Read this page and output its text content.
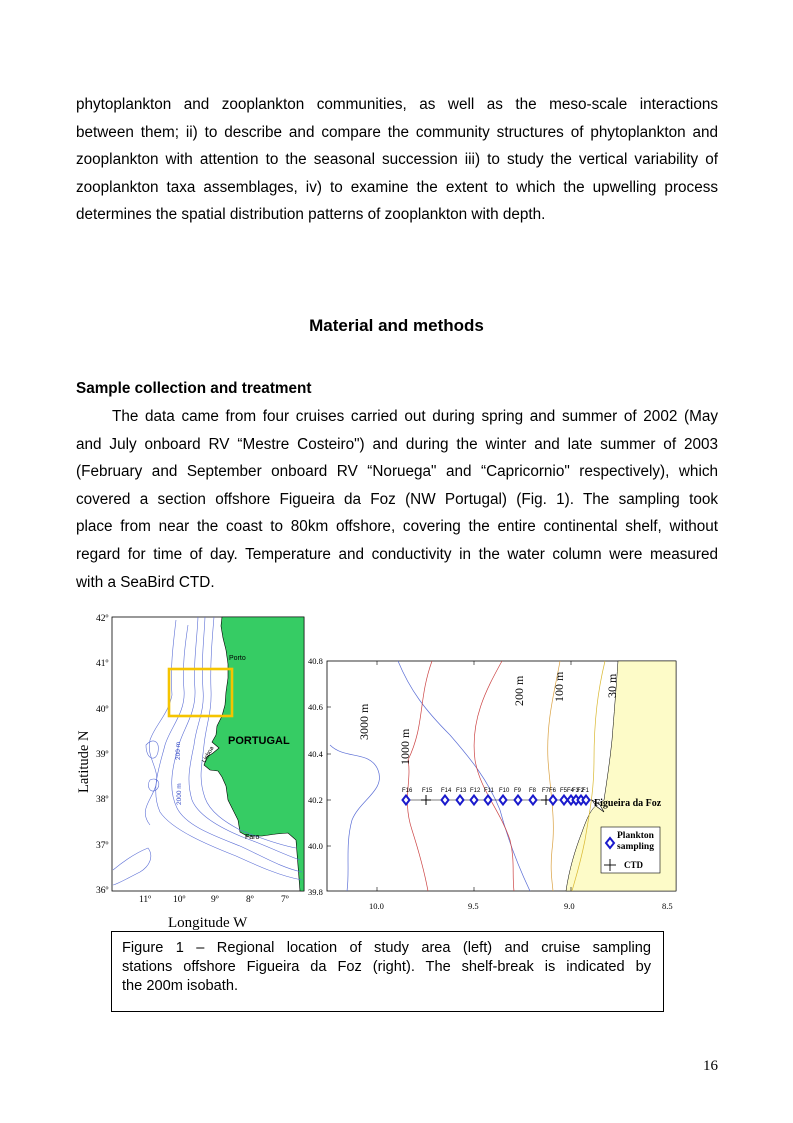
phytoplankton and zooplankton communities, as well as the meso-scale interactions
between them; ii) to describe and compare the community structures of phytoplankton and
zooplankton with attention to the seasonal succession iii) to study the vertical variability of
zooplankton taxa assemblages, iv) to examine the extent to which the upwelling process
determines the spatial distribution patterns of zooplankton with depth.
Material and methods
Sample collection and treatment
The data came from four cruises carried out during spring and summer of 2002 (May
and July onboard RV “Mestre Costeiro") and during the winter and late summer of 2003
(February and September onboard RV “Noruega" and “Capricornio" respectively), which
covered a section offshore Figueira da Foz (NW Portugal) (Fig. 1). The sampling took
place from near the coast to 80km offshore, covering the entire continental shelf, without
regard for time of day. Temperature and conductivity in the water column were measured
with a SeaBird CTD.
42º
41º
40º
39º
38º
37º
36º
11º 10º	9º	8º	7º
Latitude N
Longitude W
PORTUGAL
Porto
Faro
Lisboa
200 m
2000 m
3000 m
1000 m
200 m 100 m	30 m
40.8
40.6
40.4
40.2
40.0
39.8
10.0	9.5	9.0	8.5
F16 F15 F14 F13 F12 F11 F10 F9 F8 F7 F6 F5 F4
F3
F2
F1
Figueira da Foz
Plankton
sampling
CTD
Figure 1 – Regional location of study area (left) and cruise sampling
stations offshore Figueira da Foz (right). The shelf-break is indicated by
the 200m isobath.
16
